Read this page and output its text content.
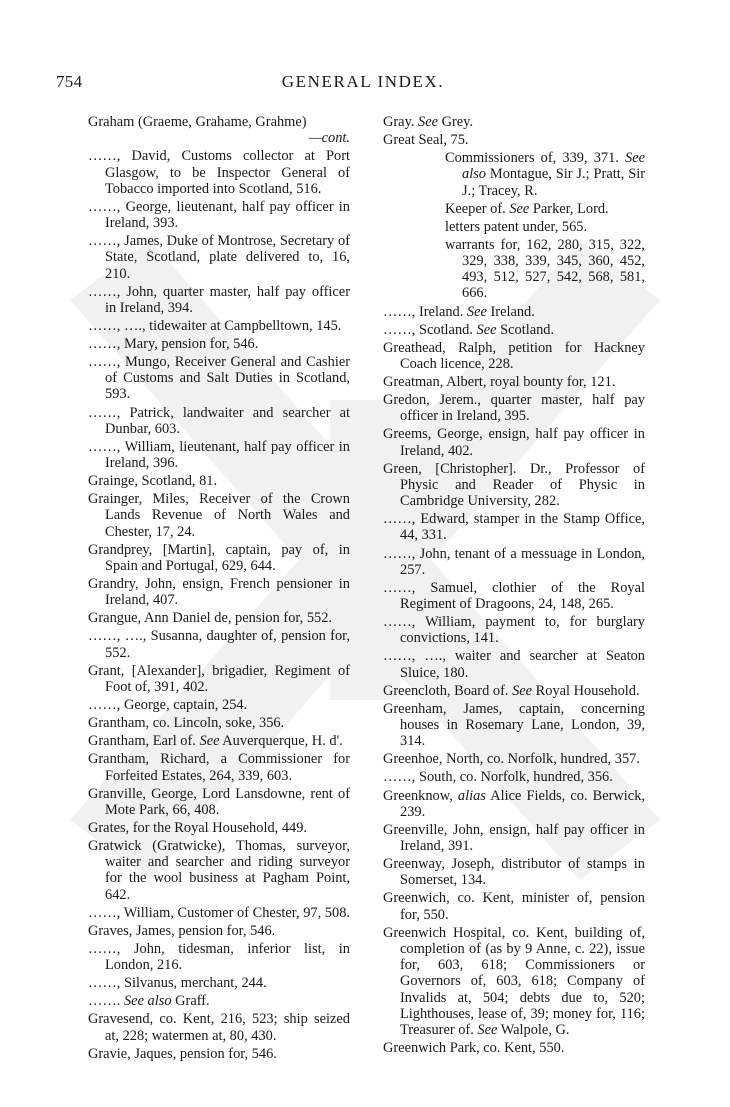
754	GENERAL INDEX.

Graham (Graeme, Grahame, Grahme)
—cont.

……, David, Customs collector at Port Glasgow, to be Inspector General of Tobacco imported into Scotland, 516.

……, George, lieutenant, half pay officer in Ireland, 393.

……, James, Duke of Montrose, Secretary of State, Scotland, plate delivered to, 16, 210.

……, John, quarter master, half pay officer in Ireland, 394.

……, …., tidewaiter at Campbelltown, 145.

……, Mary, pension for, 546.

……, Mungo, Receiver General and Cashier of Customs and Salt Duties in Scotland, 593.

……, Patrick, landwaiter and searcher at Dunbar, 603.

……, William, lieutenant, half pay officer in Ireland, 396.

Grainge, Scotland, 81.

Grainger, Miles, Receiver of the Crown Lands Revenue of North Wales and Chester, 17, 24.

Grandprey, [Martin], captain, pay of, in Spain and Portugal, 629, 644.

Grandry, John, ensign, French pensioner in Ireland, 407.

Grangue, Ann Daniel de, pension for, 552.

……, …., Susanna, daughter of, pension for, 552.

Grant, [Alexander], brigadier, Regiment of Foot of, 391, 402.

……, George, captain, 254.

Grantham, co. Lincoln, soke, 356.

Grantham, Earl of. See Auverquerque, H. d'.

Grantham, Richard, a Commissioner for Forfeited Estates, 264, 339, 603.

Granville, George, Lord Lansdowne, rent of Mote Park, 66, 408.

Grates, for the Royal Household, 449.

Gratwick (Gratwicke), Thomas, surveyor, waiter and searcher and riding surveyor for the wool business at Pagham Point, 642.

……, William, Customer of Chester, 97, 508.

Graves, James, pension for, 546.

……, John, tidesman, inferior list, in London, 216.

……, Silvanus, merchant, 244.

……. See also Graff.

Gravesend, co. Kent, 216, 523; ship seized at, 228; watermen at, 80, 430.

Gravie, Jaques, pension for, 546.

Gray. See Grey.

Great Seal, 75.

Commissioners of, 339, 371. See also Montague, Sir J.; Pratt, Sir J.; Tracey, R.

Keeper of. See Parker, Lord.

letters patent under, 565.

warrants for, 162, 280, 315, 322, 329, 338, 339, 345, 360, 452, 493, 512, 527, 542, 568, 581, 666.

……, Ireland. See Ireland.

……, Scotland. See Scotland.

Greathead, Ralph, petition for Hackney Coach licence, 228.

Greatman, Albert, royal bounty for, 121.

Gredon, Jerem., quarter master, half pay officer in Ireland, 395.

Greems, George, ensign, half pay officer in Ireland, 402.

Green, [Christopher]. Dr., Professor of Physic and Reader of Physic in Cambridge University, 282.

……, Edward, stamper in the Stamp Office, 44, 331.

……, John, tenant of a messuage in London, 257.

……, Samuel, clothier of the Royal Regiment of Dragoons, 24, 148, 265.

……, William, payment to, for burglary convictions, 141.

……, …., waiter and searcher at Seaton Sluice, 180.

Greencloth, Board of. See Royal Household.

Greenham, James, captain, concerning houses in Rosemary Lane, London, 39, 314.

Greenhoe, North, co. Norfolk, hundred, 357.

……, South, co. Norfolk, hundred, 356.

Greenknow, alias Alice Fields, co. Berwick, 239.

Greenville, John, ensign, half pay officer in Ireland, 391.

Greenway, Joseph, distributor of stamps in Somerset, 134.

Greenwich, co. Kent, minister of, pension for, 550.

Greenwich Hospital, co. Kent, building of, completion of (as by 9 Anne, c. 22), issue for, 603, 618; Commissioners or Governors of, 603, 618; Company of Invalids at, 504; debts due to, 520; Lighthouses, lease of, 39; money for, 116; Treasurer of. See Walpole, G.

Greenwich Park, co. Kent, 550.
